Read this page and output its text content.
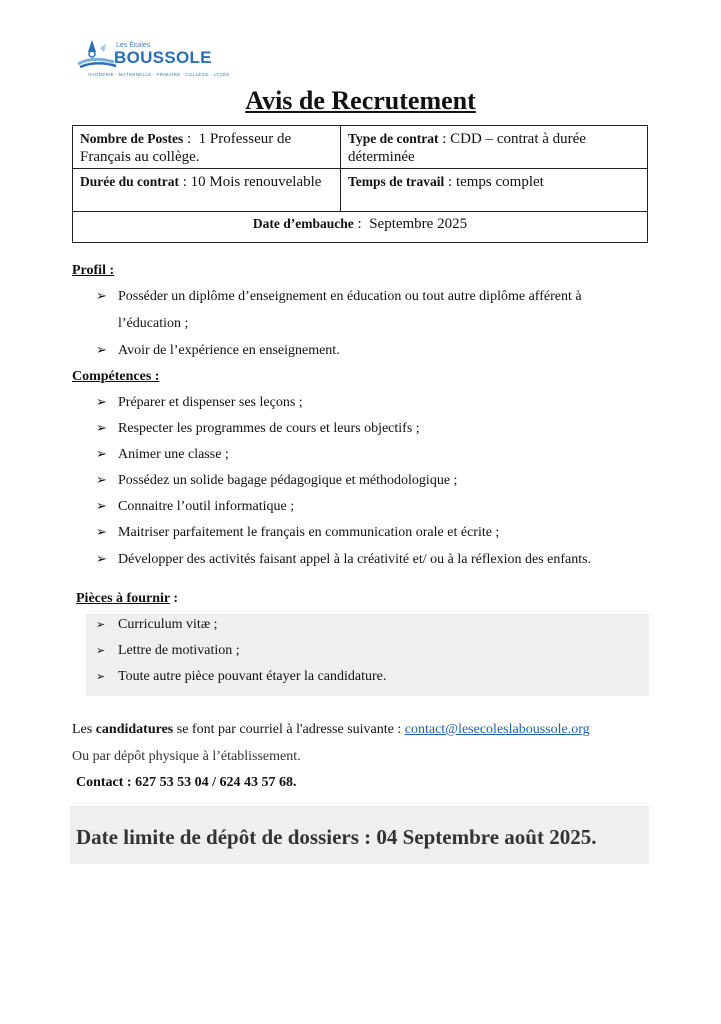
Les Écoles
BOUSSOLE
GARDERIE · MATERNELLE · PRIMAIRE · COLLÈGE · LYCÉE
Avis de Recrutement
Nombre de Postes :  1 Professeur de Français au collège.
Type de contrat : CDD – contrat à durée déterminée
Durée du contrat : 10 Mois renouvelable	Temps de travail : temps complet
Date d’embauche :  Septembre 2025
Profil :
➢ Posséder un diplôme d’enseignement en éducation ou tout autre diplôme afférent à
l’éducation ;
➢ Avoir de l’expérience en enseignement.
Compétences :
➢ Préparer et dispenser ses leçons ;
➢ Respecter les programmes de cours et leurs objectifs ;
➢ Animer une classe ;
➢ Possédez un solide bagage pédagogique et méthodologique ;
➢ Connaitre l’outil informatique ;
➢ Maitriser parfaitement le français en communication orale et écrite ;
➢ Développer des activités faisant appel à la créativité et/ ou à la réflexion des enfants.
Pièces à fournir :
➢ Curriculum vitæ ;
➢ Lettre de motivation ;
➢ Toute autre pièce pouvant étayer la candidature.
Les candidatures se font par courriel à l'adresse suivante : contact@lesecoleslaboussole.org
Ou par dépôt physique à l’établissement.
Contact : 627 53 53 04 / 624 43 57 68.
Date limite de dépôt de dossiers : 04 Septembre août 2025.
